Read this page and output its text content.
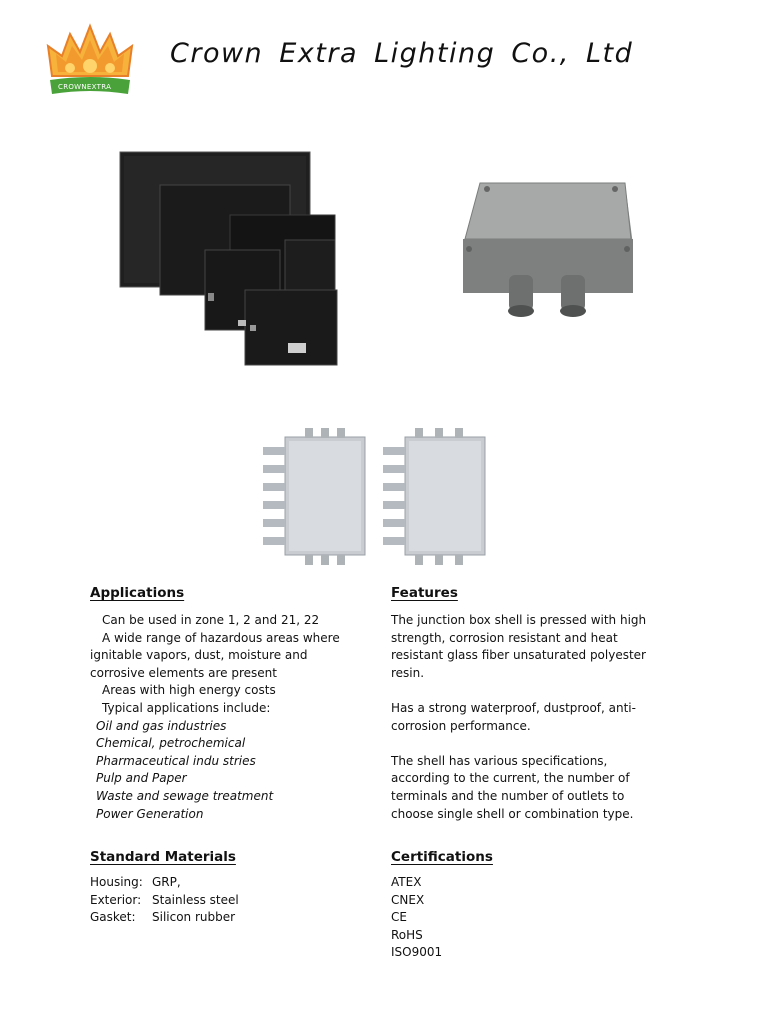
CROWNEXTRA
Crown Extra Lighting Co., Ltd
Applications
Can be used in zone 1, 2 and 21, 22
A wide range of hazardous areas where
ignitable vapors, dust, moisture and
corrosive elements are present
Areas with high energy costs
Typical applications include:
Oil and gas industries
Chemical, petrochemical
Pharmaceutical indu stries
Pulp and Paper
Waste and sewage treatment
Power Generation
Features
The junction box shell is pressed with high
strength, corrosion resistant and heat
resistant glass fiber unsaturated polyester
resin.
Has a strong waterproof, dustproof, anti-
corrosion performance.
The shell has various specifications,
according to the current, the number of
terminals and the number of outlets to
choose single shell or combination type.
Standard Materials
Housing: GRP,
Exterior: Stainless steel
Gasket:	Silicon rubber
Certifications
ATEX
CNEX
CE
RoHS
ISO9001
